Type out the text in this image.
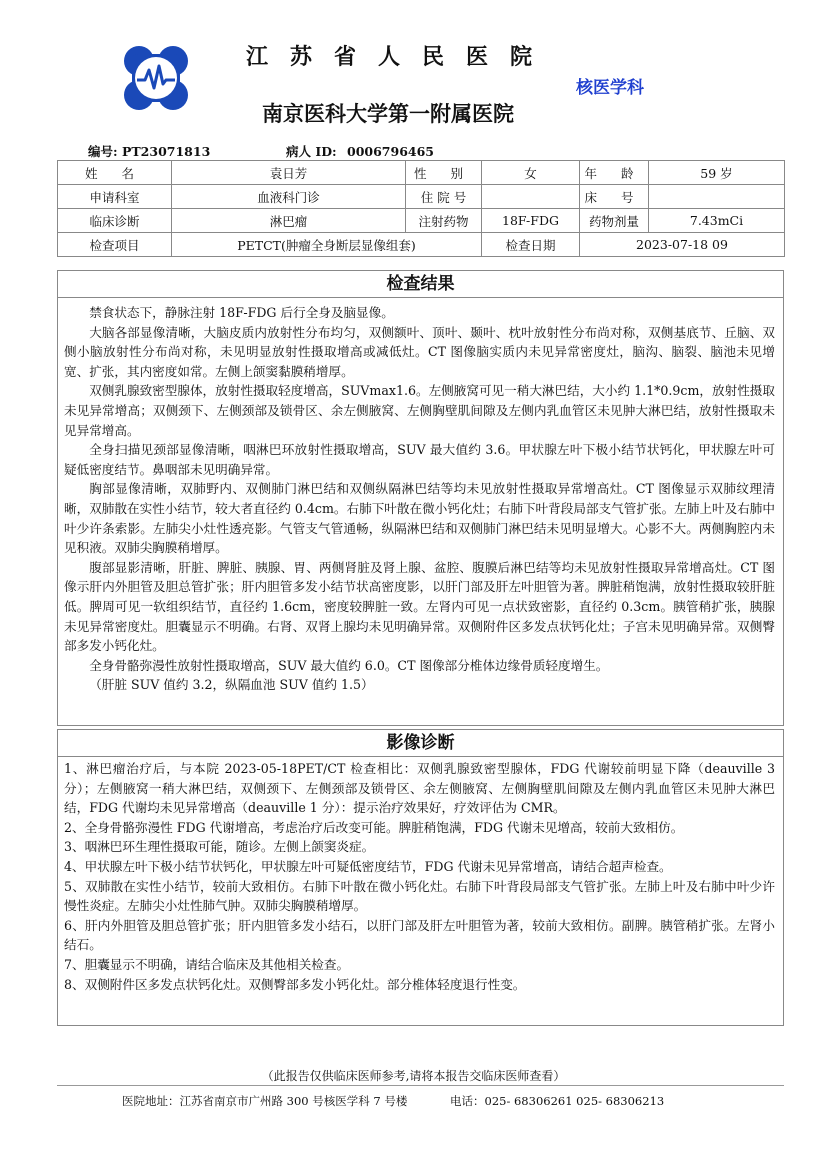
江苏省人民医院
南京医科大学第一附属医院
核医学科
编号: PT23071813	病人 ID: 0006796465
姓 名	袁日芳	性 别	女	年 龄	59 岁
申请科室	血液科门诊	住 院 号		床 号	
临床诊断	淋巴瘤	注射药物	18F-FDG	药物剂量	7.43mCi
检查项目	PETCT(肿瘤全身断层显像组套)		检查日期	2023-07-18 09	
检查结果

禁食状态下，静脉注射 18F-FDG 后行全身及脑显像。

大脑各部显像清晰，大脑皮质内放射性分布均匀，双侧额叶、顶叶、颞叶、枕叶放射性分布尚对称，双侧基底节、丘脑、双侧小脑放射性分布尚对称，未见明显放射性摄取增高或减低灶。CT 图像脑实质内未见异常密度灶，脑沟、脑裂、脑池未见增宽、扩张，其内密度如常。左侧上颌窦黏膜稍增厚。

双侧乳腺致密型腺体，放射性摄取轻度增高，SUVmax1.6。左侧腋窝可见一稍大淋巴结，大小约 1.1*0.9cm，放射性摄取未见异常增高；双侧颈下、左侧颈部及锁骨区、余左侧腋窝、左侧胸壁肌间隙及左侧内乳血管区未见肿大淋巴结，放射性摄取未见异常增高。

全身扫描见颈部显像清晰，咽淋巴环放射性摄取增高，SUV 最大值约 3.6。甲状腺左叶下极小结节状钙化，甲状腺左叶可疑低密度结节。鼻咽部未见明确异常。

胸部显像清晰，双肺野内、双侧肺门淋巴结和双侧纵隔淋巴结等均未见放射性摄取异常增高灶。CT 图像显示双肺纹理清晰，双肺散在实性小结节，较大者直径约 0.4cm。右肺下叶散在微小钙化灶；右肺下叶背段局部支气管扩张。左肺上叶及右肺中叶少许条索影。左肺尖小灶性透亮影。气管支气管通畅，纵隔淋巴结和双侧肺门淋巴结未见明显增大。心影不大。两侧胸腔内未见积液。双肺尖胸膜稍增厚。

腹部显影清晰，肝脏、脾脏、胰腺、胃、两侧肾脏及肾上腺、盆腔、腹膜后淋巴结等均未见放射性摄取异常增高灶。CT 图像示肝内外胆管及胆总管扩张；肝内胆管多发小结节状高密度影，以肝门部及肝左叶胆管为著。脾脏稍饱满，放射性摄取较肝脏低。脾周可见一软组织结节，直径约 1.6cm，密度较脾脏一致。左肾内可见一点状致密影，直径约 0.3cm。胰管稍扩张，胰腺未见异常密度灶。胆囊显示不明确。右肾、双肾上腺均未见明确异常。双侧附件区多发点状钙化灶；子宫未见明确异常。双侧臀部多发小钙化灶。

全身骨骼弥漫性放射性摄取增高，SUV 最大值约 6.0。CT 图像部分椎体边缘骨质轻度增生。

（肝脏 SUV 值约 3.2，纵隔血池 SUV 值约 1.5）

影像诊断

1、淋巴瘤治疗后，与本院 2023-05-18PET/CT 检查相比：双侧乳腺致密型腺体，FDG 代谢较前明显下降（deauville 3 分）；左侧腋窝一稍大淋巴结，双侧颈下、左侧颈部及锁骨区、余左侧腋窝、左侧胸壁肌间隙及左侧内乳血管区未见肿大淋巴结，FDG 代谢均未见异常增高（deauville 1 分）：提示治疗效果好，疗效评估为 CMR。

2、全身骨骼弥漫性 FDG 代谢增高，考虑治疗后改变可能。脾脏稍饱满，FDG 代谢未见增高，较前大致相仿。

3、咽淋巴环生理性摄取可能，随诊。左侧上颌窦炎症。

4、甲状腺左叶下极小结节状钙化，甲状腺左叶可疑低密度结节，FDG 代谢未见异常增高，请结合超声检查。

5、双肺散在实性小结节，较前大致相仿。右肺下叶散在微小钙化灶。右肺下叶背段局部支气管扩张。左肺上叶及右肺中叶少许慢性炎症。左肺尖小灶性肺气肿。双肺尖胸膜稍增厚。

6、肝内外胆管及胆总管扩张；肝内胆管多发小结石，以肝门部及肝左叶胆管为著，较前大致相仿。副脾。胰管稍扩张。左肾小结石。

7、胆囊显示不明确，请结合临床及其他相关检查。

8、双侧附件区多发点状钙化灶。双侧臀部多发小钙化灶。部分椎体轻度退行性变。

（此报告仅供临床医师参考,请将本报告交临床医师查看）
医院地址：江苏省南京市广州路 300 号核医学科 7 号楼	电话：025- 68306261 025- 68306213
